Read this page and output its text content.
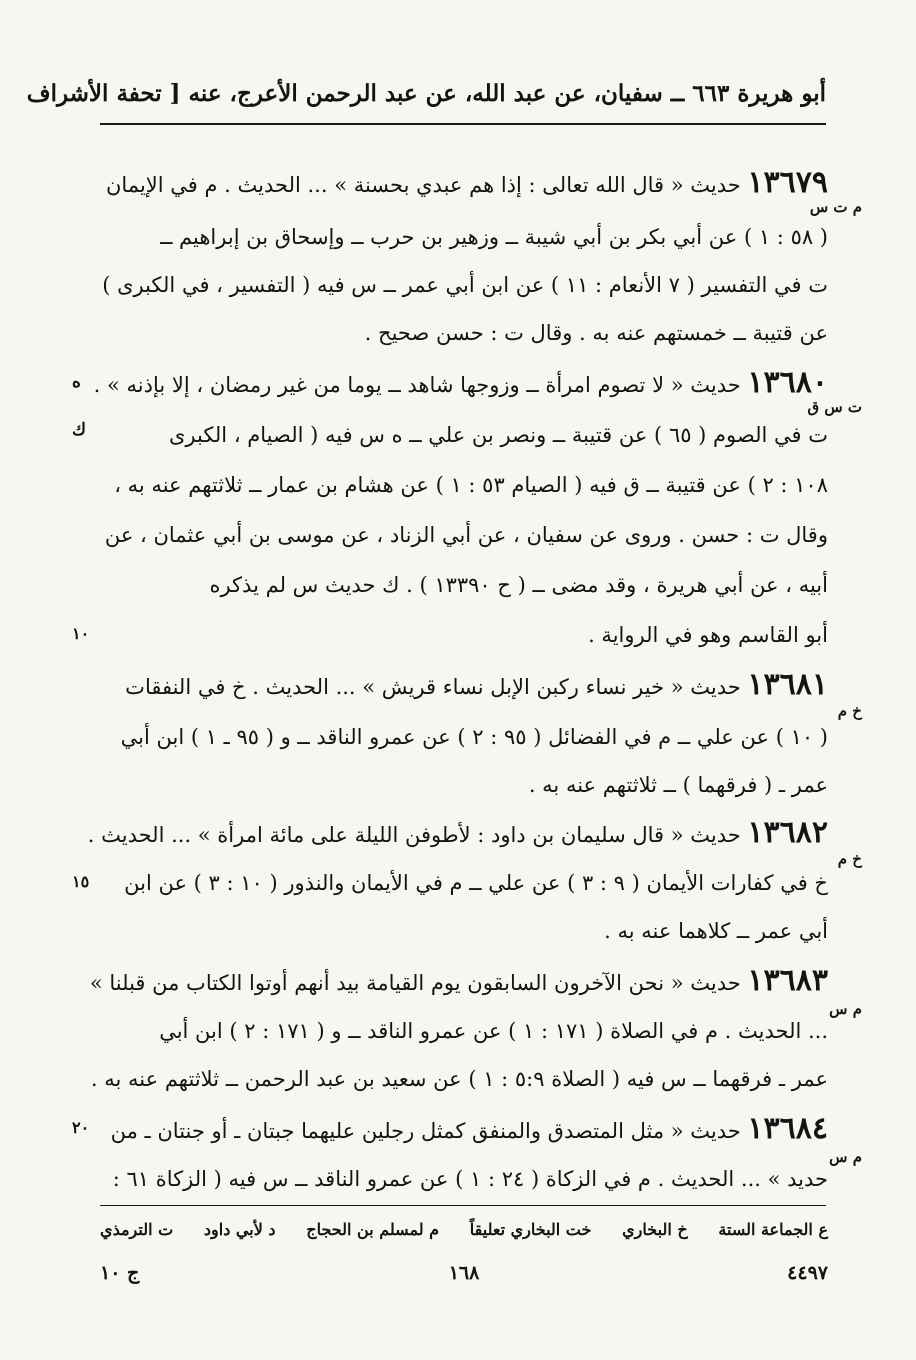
أبو هريرة ٦٦٣ ــ سفيان، عن عبد الله، عن عبد الرحمن الأعرج، عنه [ تحفة الأشراف
١٣٦٧٩ حديث « قال الله تعالى : إذا هم عبدي بحسنة » ... الحديث . م في الإيمان
م ت س
( ٥٨ : ١ ) عن أبي بكر بن أبي شيبة ــ وزهير بن حرب ــ وإسحاق بن إبراهيم ــ
ت في التفسير ( ٧ الأنعام : ١١ ) عن ابن أبي عمر ــ س فيه ( التفسير ، في الكبرى )
عن قتيبة ــ خمستهم عنه به . وقال ت : حسن صحيح .
١٣٦٨٠ حديث « لا تصوم امرأة ــ وزوجها شاهد ــ يوما من غير رمضان ، إلا بإذنه » .
ه
ت س ق
ت في الصوم ( ٦٥ ) عن قتيبة ــ ونصر بن علي ــ ه س فيه ( الصيام ، الكبرى
ك
١٠٨ : ٢ ) عن قتيبة ــ ق فيه ( الصيام ٥٣ : ١ ) عن هشام بن عمار ــ ثلاثتهم عنه به ،
وقال ت : حسن . وروى عن سفيان ، عن أبي الزناد ، عن موسى بن أبي عثمان ، عن
أبيه ، عن أبي هريرة ، وقد مضى ــ ( ح ١٣٣٩٠ ) . ك حديث س لم يذكره
أبو القاسم وهو في الرواية .
١٠
١٣٦٨١ حديث « خير نساء ركبن الإبل نساء قريش » ... الحديث . خ في النفقات
خ م
( ١٠ ) عن علي ــ م في الفضائل ( ٩٥ : ٢ ) عن عمرو الناقد ــ و ( ٩٥ ـ ١ ) ابن أبي
عمر ـ ( فرقهما ) ــ ثلاثتهم عنه به .
١٣٦٨٢ حديث « قال سليمان بن داود : لأطوفن الليلة على مائة امرأة » ... الحديث .
خ م
خ في كفارات الأيمان ( ٩ : ٣ ) عن علي ــ م في الأيمان والنذور ( ١٠ : ٣ ) عن ابن
١٥
أبي عمر ــ كلاهما عنه به .
١٣٦٨٣ حديث « نحن الآخرون السابقون يوم القيامة بيد أنهم أوتوا الكتاب من قبلنا »
م س
... الحديث . م في الصلاة ( ١٧١ : ١ ) عن عمرو الناقد ــ و ( ١٧١ : ٢ ) ابن أبي
عمر ـ فرقهما ــ س فيه ( الصلاة ٥:٩ : ١ ) عن سعيد بن عبد الرحمن ــ ثلاثتهم عنه به .
١٣٦٨٤ حديث « مثل المتصدق والمنفق كمثل رجلين عليهما جبتان ـ أو جنتان ـ من
٢٠
م س
حديد » ... الحديث . م في الزكاة ( ٢٤ : ١ ) عن عمرو الناقد ــ س فيه ( الزكاة ٦١ :
ع الجماعة الستة
خ البخاري
خت البخاري تعليقاً
م لمسلم بن الحجاج
د لأبي داود
ت الترمذي
٤٤٩٧
١٦٨
ج ١٠
